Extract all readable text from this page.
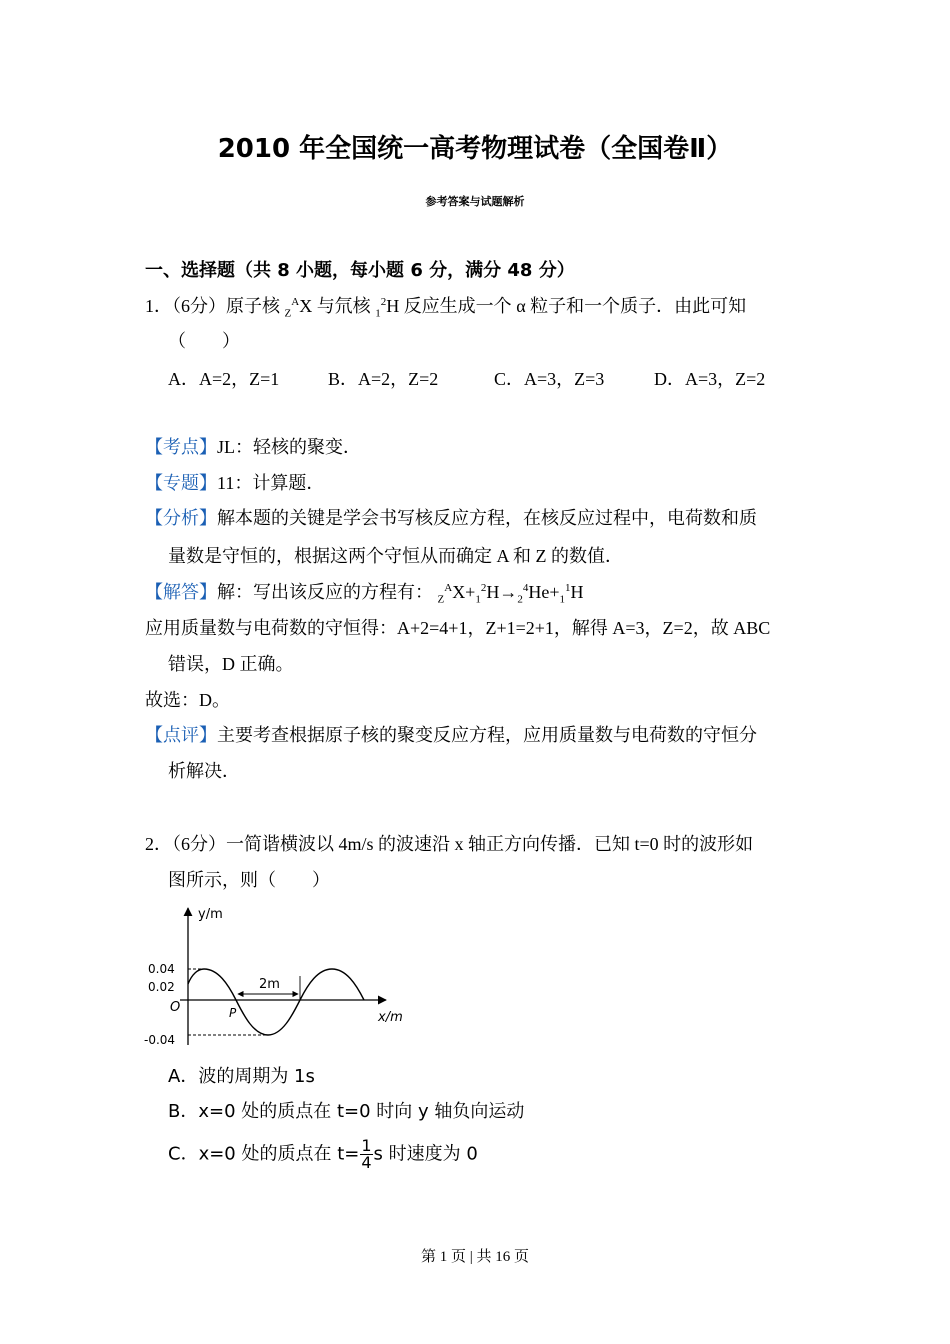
2010 年全国统一高考物理试卷（全国卷Ⅱ）
参考答案与试题解析
一、选择题（共 8 小题，每小题 6 分，满分 48 分）
1．（6分）原子核 $_Z^A$X 与氘核 $_1^2$H 反应生成一个 α 粒子和一个质子．由此可知
（　　）
A．A=2，Z=1	B．A=2，Z=2	C．A=3，Z=3	D．A=3，Z=2
【考点】JL：轻核的聚变．
【专题】11：计算题．
【分析】解本题的关键是学会书写核反应方程，在核反应过程中，电荷数和质
量数是守恒的，根据这两个守恒从而确定 A 和 Z 的数值．
【解答】解：写出该反应的方程有： $_Z^AX+_1^2H\to_2^4He+_1^1H$
应用质量数与电荷数的守恒得：A+2=4+1，Z+1=2+1，解得 A=3，Z=2，故 ABC
错误，D 正确。
故选：D。
【点评】主要考查根据原子核的聚变反应方程，应用质量数与电荷数的守恒分
析解决．
2．（6分）一简谐横波以 4m/s 的波速沿 x 轴正方向传播．已知 t=0 时的波形如
图所示，则（　　）
y/m
x/m
0.04
0.02
-0.04
O	P
2m
A．波的周期为 1s
B．x=0 处的质点在 t=0 时向 y 轴负向运动
C．x=0 处的质点在 $t= \frac{1}{4}$ s 时速度为 0
第 1 页 | 共 16 页
